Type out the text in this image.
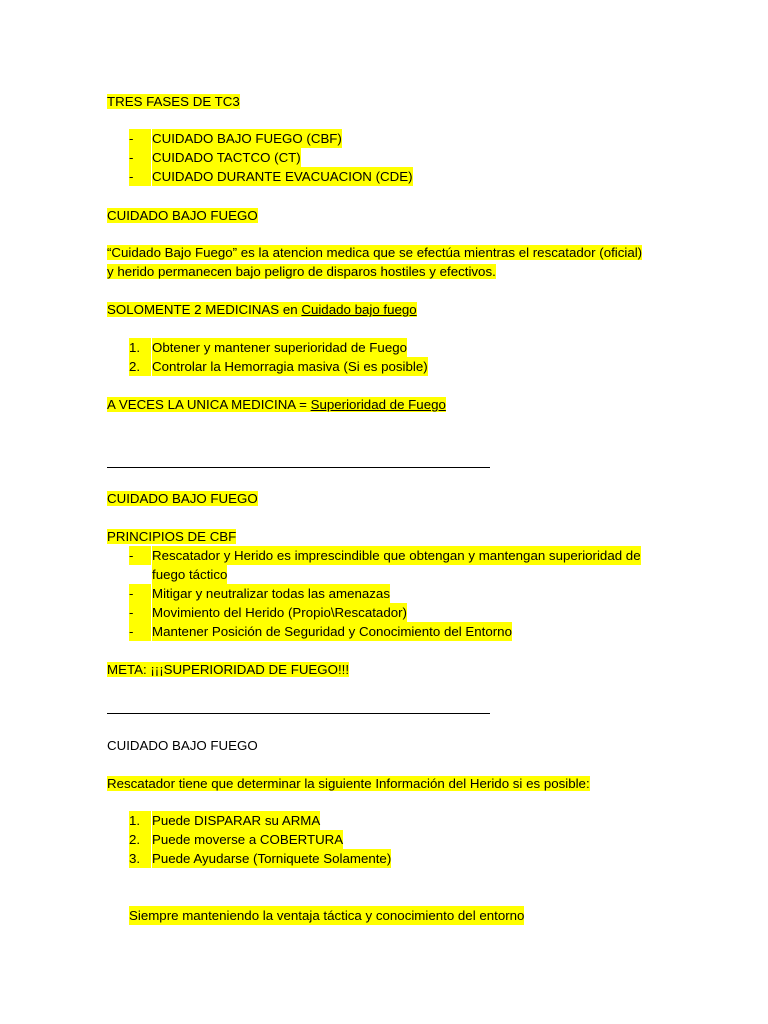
TRES FASES DE TC3
-	CUIDADO BAJO FUEGO (CBF)
-	CUIDADO TACTCO (CT)
-	CUIDADO DURANTE EVACUACION (CDE)
CUIDADO BAJO FUEGO
“Cuidado Bajo Fuego” es la atencion medica que se efectúa mientras el rescatador (oficial)
y herido permanecen bajo peligro de disparos hostiles y efectivos.
SOLOMENTE 2 MEDICINAS en Cuidado bajo fuego
1. Obtener y mantener superioridad de Fuego
2. Controlar la Hemorragia masiva (Si es posible)
A VECES LA UNICA MEDICINA = Superioridad de Fuego
CUIDADO BAJO FUEGO
PRINCIPIOS DE CBF
-	Rescatador y Herido es imprescindible que obtengan y mantengan superioridad de
fuego táctico
-	Mitigar y neutralizar todas las amenazas
-	Movimiento del Herido (Propio\Rescatador)
-	Mantener Posición de Seguridad y Conocimiento del Entorno
META: ¡¡¡SUPERIORIDAD DE FUEGO!!!
CUIDADO BAJO FUEGO
Rescatador tiene que determinar la siguiente Información del Herido si es posible:
1. Puede DISPARAR su ARMA
2. Puede moverse a COBERTURA
3. Puede Ayudarse (Torniquete Solamente)
Siempre manteniendo la ventaja táctica y conocimiento del entorno
